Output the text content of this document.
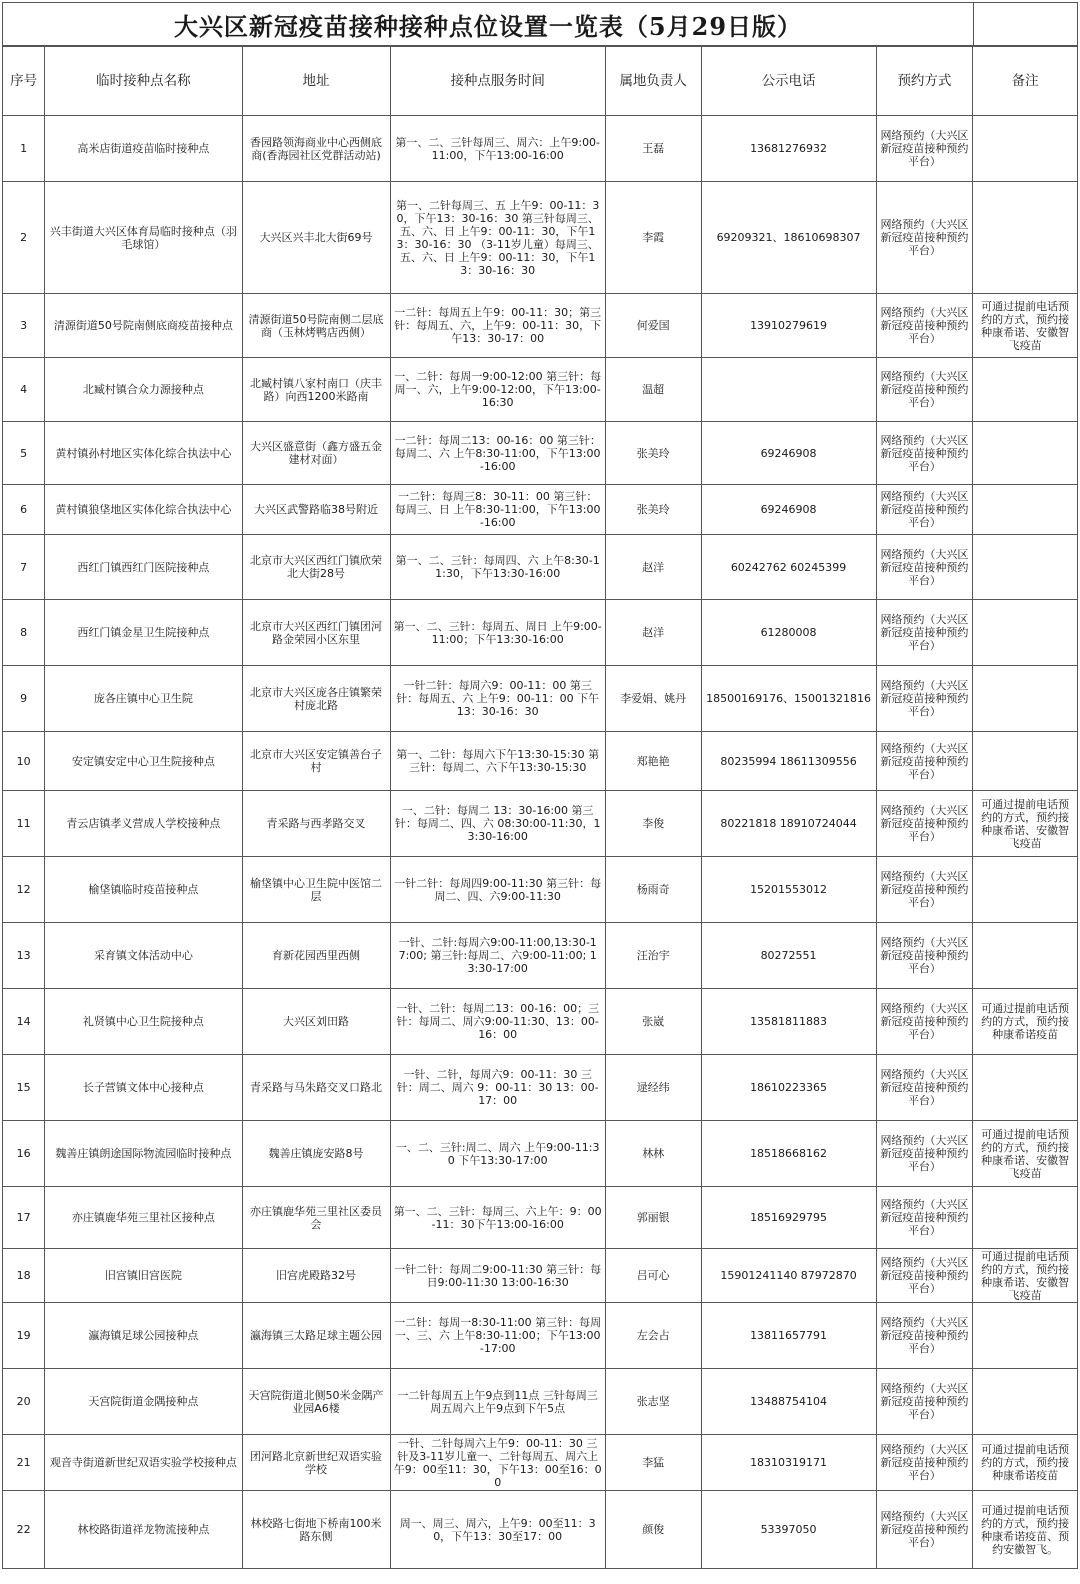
大兴区新冠疫苗接种接种点位设置一览表（5月29日版）
序号	临时接种点名称	地址	接种点服务时间	属地负责人	公示电话	预约方式	备注
1	高米店街道疫苗临时接种点	香园路领海商业中心西侧底商(香海园社区党群活动站)	第一、二、三针每周三、周六：上午9:00-11:00，下午13:00-16:00	王磊	13681276932	网络预约（大兴区新冠疫苗接种预约平台）	
2	兴丰街道大兴区体育局临时接种点（羽毛球馆）	大兴区兴丰北大街69号	第一、二针每周三、五 上午9：00-11：30，下午13：30-16：30 第三针每周三、五、六、日 上午9：00-11：30，下午13：30-16：30 （3-11岁儿童）每周三、五、六、日 上午9：00-11：30，下午13：30-16：30	李霞	69209321、18610698307	网络预约（大兴区新冠疫苗接种预约平台）	
3	清源街道50号院南侧底商疫苗接种点	清源街道50号院南侧二层底商（玉林烤鸭店西侧）	一二针：每周五上午9：00-11：30；第三针：每周五、六，上午9：00-11：30，下午13：30-17：00	何爱国	13910279619	网络预约（大兴区新冠疫苗接种预约平台）	可通过提前电话预约的方式，预约接种康希诺、安徽智飞疫苗
4	北臧村镇合众力源接种点	北臧村镇八家村南口（庆丰路）向西1200米路南	一、二针：每周一9:00-12:00 第三针：每周一、六，上午9:00-12:00，下午13:00-16:30	温超		网络预约（大兴区新冠疫苗接种预约平台）	
5	黄村镇孙村地区实体化综合执法中心	大兴区盛意街（鑫方盛五金建材对面）	一二针：每周二13：00-16：00 第三针：每周二、六 上午8:30-11:00，下午13:00-16:00	张美玲	69246908	网络预约（大兴区新冠疫苗接种预约平台）	
6	黄村镇狼垡地区实体化综合执法中心	大兴区武警路临38号附近	一二针：每周三8：30-11：00 第三针：每周三、日 上午8:30-11:00，下午13:00-16:00	张美玲	69246908	网络预约（大兴区新冠疫苗接种预约平台）	
7	西红门镇西红门医院接种点	北京市大兴区西红门镇欣荣北大街28号	第一、二、三针：每周四、六 上午8:30-11:30，下午13:30-16:00	赵洋	60242762 60245399	网络预约（大兴区新冠疫苗接种预约平台）	
8	西红门镇金星卫生院接种点	北京市大兴区西红门镇团河路金荣园小区东里	第一、二、三针：每周五、周日 上午9:00-11:00；下午13:30-16:00	赵洋	61280008	网络预约（大兴区新冠疫苗接种预约平台）	
9	庞各庄镇中心卫生院	北京市大兴区庞各庄镇繁荣村庞北路	一针二针：每周六9：00-11：00 第三针：每周五、六 上午9：00-11：00 下午13：30-16：30	李爱娟、姚丹	18500169176、15001321816	网络预约（大兴区新冠疫苗接种预约平台）	
10	安定镇安定中心卫生院接种点	北京市大兴区安定镇善台子村	第一、二针：每周六下午13:30-15:30 第三针：每周二、六下午13:30-15:30	郑艳艳	80235994 18611309556	网络预约（大兴区新冠疫苗接种预约平台）	
11	青云店镇孝义营成人学校接种点	青采路与西孝路交叉	一、二针：每周二 13：30-16:00 第三针：每周二、四、六 08:30:00-11:30，13:30-16:00	李俊	80221818 18910724044	网络预约（大兴区新冠疫苗接种预约平台）	可通过提前电话预约的方式，预约接种康希诺、安徽智飞疫苗
12	榆垡镇临时疫苗接种点	榆垡镇中心卫生院中医馆二层	一针二针：每周四9:00-11:30 第三针：每周二、四、六9:00-11:30	杨雨奇	15201553012	网络预约（大兴区新冠疫苗接种预约平台）	
13	采育镇文体活动中心	育新花园西里西侧	一针、二针:每周六9:00-11:00,13:30-17:00; 第三针:每周二、六9:00-11:00; 13:30-17:00	汪治宇	80272551	网络预约（大兴区新冠疫苗接种预约平台）	
14	礼贤镇中心卫生院接种点	大兴区刘田路	一针、二针：每周二13：00-16：00；三针：每周二、周六9:00-11:30、13：00-16：00	张崴	13581811883	网络预约（大兴区新冠疫苗接种预约平台）	可通过提前电话预约的方式，预约接种康希诺疫苗
15	长子营镇文体中心接种点	青采路与马朱路交叉口路北	一针、二针，每周六9：00-11：30 三针：周二、周六 9：00-11：30 13：00-17：00	逯经纬	18610223365	网络预约（大兴区新冠疫苗接种预约平台）	
16	魏善庄镇朗途国际物流园临时接种点	魏善庄镇庞安路8号	一、二、三针:周二、周六 上午9:00-11:30 下午13:30-17:00	林林	18518668162	网络预约（大兴区新冠疫苗接种预约平台）	可通过提前电话预约的方式，预约接种康希诺、安徽智飞疫苗
17	亦庄镇鹿华苑三里社区接种点	亦庄镇鹿华苑三里社区委员会	第一、二、三针：每周三、六上午：9：00-11：30下午13:00-16:00	郭丽银	18516929795	网络预约（大兴区新冠疫苗接种预约平台）	
18	旧宫镇旧宫医院	旧宫虎殿路32号	一针二针：每周二9:00-11:30 第三针：每日9:00-11:30 13:00-16:30	吕可心	15901241140 87972870	网络预约（大兴区新冠疫苗接种预约平台）	可通过提前电话预约的方式，预约接种康希诺、安徽智飞疫苗
19	瀛海镇足球公园接种点	瀛海镇三太路足球主题公园	一二针：每周一8:30-11:00 第三针：每周一、三、六 上午8:30-11:00；下午13:00-17:00	左会占	13811657791	网络预约（大兴区新冠疫苗接种预约平台）	
20	天宫院街道金隅接种点	天宫院街道北侧50米金隅产业园A6楼	一二针每周五上午9点到11点 三针每周三周五周六上午9点到下午5点	张志坚	13488754104	网络预约（大兴区新冠疫苗接种预约平台）	
21	观音寺街道新世纪双语实验学校接种点	团河路北京新世纪双语实验学校	一针、二针每周六上午9：00-11：30 三针及3-11岁儿童一、二针每周五、周六上午9：00至11：30，下午13：00至16：00	李猛	18310319171	网络预约（大兴区新冠疫苗接种预约平台）	可通过提前电话预约的方式，预约接种康希诺疫苗
22	林校路街道祥龙物流接种点	林校路七街地下桥南100米路东侧	周一、周三、周六，上午9：00至11：30，下午13：30至17：00	颜俊	53397050	网络预约（大兴区新冠疫苗接种预约平台）	可通过提前电话预约的方式，预约接种康希诺疫苗、预约安徽智飞。
